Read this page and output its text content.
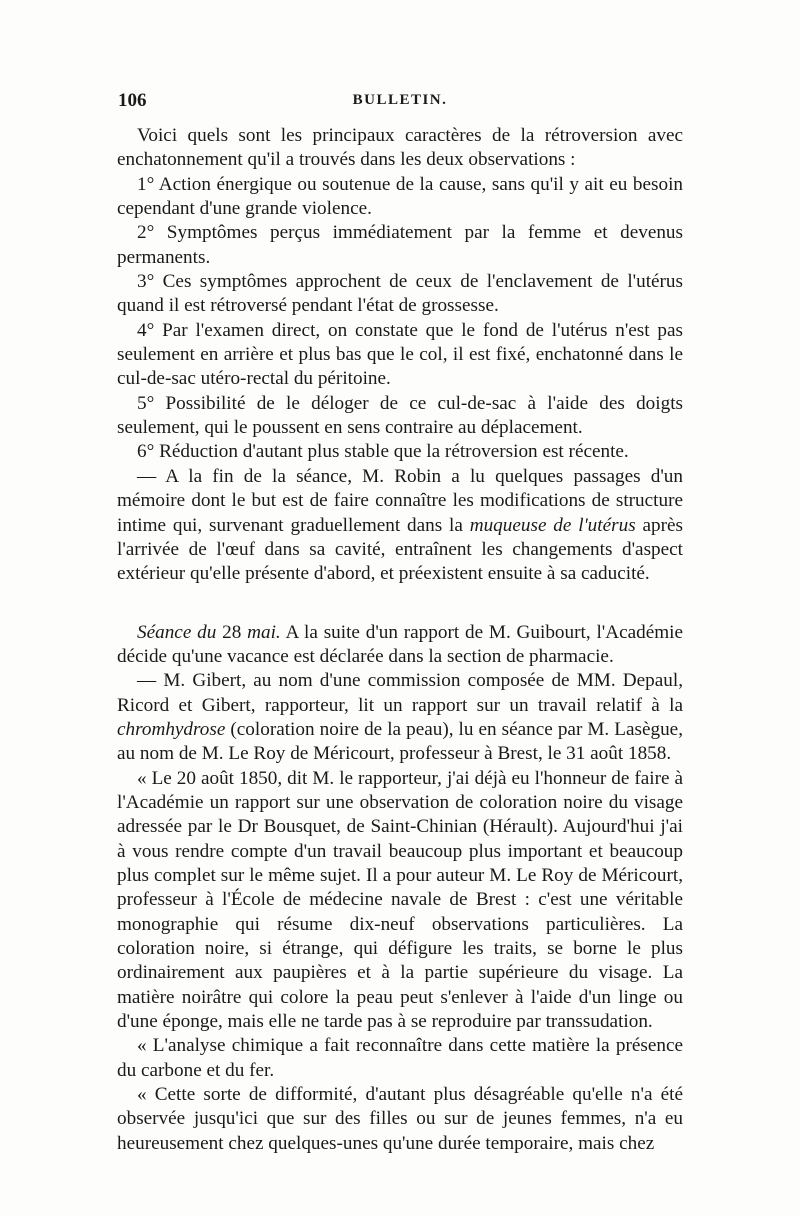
106	BULLETIN.

Voici quels sont les principaux caractères de la rétroversion avec enchatonnement qu'il a trouvés dans les deux observations :

1° Action énergique ou soutenue de la cause, sans qu'il y ait eu besoin cependant d'une grande violence.

2° Symptômes perçus immédiatement par la femme et devenus permanents.

3° Ces symptômes approchent de ceux de l'enclavement de l'utérus quand il est rétroversé pendant l'état de grossesse.

4° Par l'examen direct, on constate que le fond de l'utérus n'est pas seulement en arrière et plus bas que le col, il est fixé, enchatonné dans le cul-de-sac utéro-rectal du péritoine.

5° Possibilité de le déloger de ce cul-de-sac à l'aide des doigts seulement, qui le poussent en sens contraire au déplacement.

6° Réduction d'autant plus stable que la rétroversion est récente.

— A la fin de la séance, M. Robin a lu quelques passages d'un mémoire dont le but est de faire connaître les modifications de structure intime qui, survenant graduellement dans la muqueuse de l'utérus après l'arrivée de l'œuf dans sa cavité, entraînent les changements d'aspect extérieur qu'elle présente d'abord, et préexistent ensuite à sa caducité.

Séance du 28 mai. A la suite d'un rapport de M. Guibourt, l'Académie décide qu'une vacance est déclarée dans la section de pharmacie.

— M. Gibert, au nom d'une commission composée de MM. Depaul, Ricord et Gibert, rapporteur, lit un rapport sur un travail relatif à la chromhydrose (coloration noire de la peau), lu en séance par M. Lasègue, au nom de M. Le Roy de Méricourt, professeur à Brest, le 31 août 1858.

« Le 20 août 1850, dit M. le rapporteur, j'ai déjà eu l'honneur de faire à l'Académie un rapport sur une observation de coloration noire du visage adressée par le Dr Bousquet, de Saint-Chinian (Hérault). Aujourd'hui j'ai à vous rendre compte d'un travail beaucoup plus important et beaucoup plus complet sur le même sujet. Il a pour auteur M. Le Roy de Méricourt, professeur à l'École de médecine navale de Brest : c'est une véritable monographie qui résume dix-neuf observations particulières. La coloration noire, si étrange, qui défigure les traits, se borne le plus ordinairement aux paupières et à la partie supérieure du visage. La matière noirâtre qui colore la peau peut s'enlever à l'aide d'un linge ou d'une éponge, mais elle ne tarde pas à se reproduire par transsudation.

« L'analyse chimique a fait reconnaître dans cette matière la présence du carbone et du fer.

« Cette sorte de difformité, d'autant plus désagréable qu'elle n'a été observée jusqu'ici que sur des filles ou sur de jeunes femmes, n'a eu heureusement chez quelques-unes qu'une durée temporaire, mais chez
